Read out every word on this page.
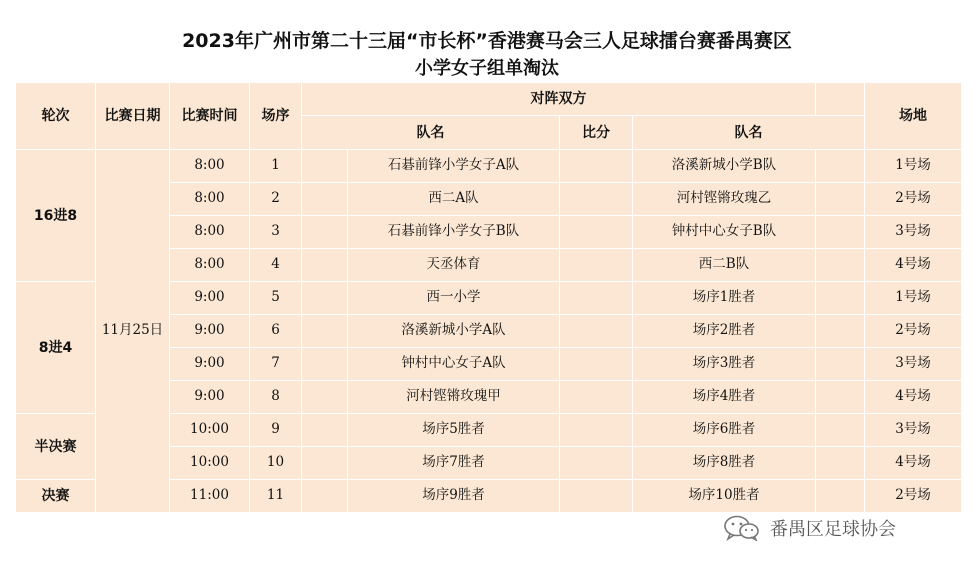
2023年广州市第二十三届“市长杯”香港赛马会三人足球擂台赛番禺赛区
小学女子组单淘汰
轮次	比赛日期	比赛时间	场序	对阵双方					场地
				队名		比分	队名		
16进8	11月25日	8:00	1		石碁前锋小学女子A队		洛溪新城小学B队		1号场
		8:00	2		西二A队		河村铿锵玫瑰乙		2号场
		8:00	3		石碁前锋小学女子B队		钟村中心女子B队		3号场
		8:00	4		天丞体育		西二B队		4号场
8进4		9:00	5		西一小学		场序1胜者		1号场
		9:00	6		洛溪新城小学A队		场序2胜者		2号场
		9:00	7		钟村中心女子A队		场序3胜者		3号场
		9:00	8		河村铿锵玫瑰甲		场序4胜者		4号场
半决赛		10:00	9		场序5胜者		场序6胜者		3号场
		10:00	10		场序7胜者		场序8胜者		4号场
决赛		11:00	11		场序9胜者		场序10胜者		2号场
番禺区足球协会
